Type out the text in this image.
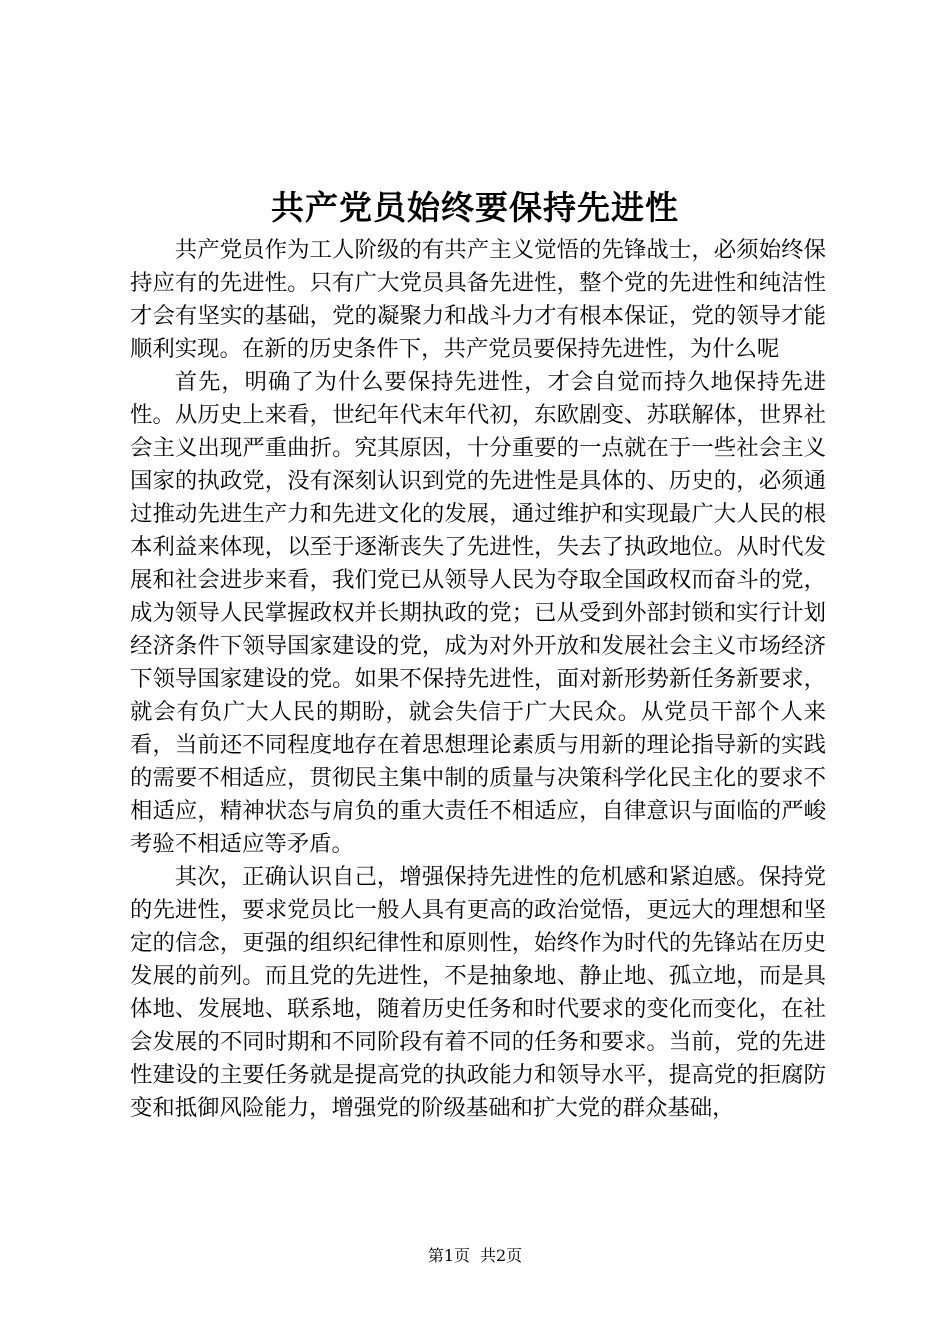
共产党员始终要保持先进性

共产党员作为工人阶级的有共产主义觉悟的先锋战士，必须始终保持应有的先进性。只有广大党员具备先进性，整个党的先进性和纯洁性才会有坚实的基础，党的凝聚力和战斗力才有根本保证，党的领导才能顺利实现。在新的历史条件下，共产党员要保持先进性，为什么呢

首先，明确了为什么要保持先进性，才会自觉而持久地保持先进性。从历史上来看，世纪年代末年代初，东欧剧变、苏联解体，世界社会主义出现严重曲折。究其原因，十分重要的一点就在于一些社会主义国家的执政党，没有深刻认识到党的先进性是具体的、历史的，必须通过推动先进生产力和先进文化的发展，通过维护和实现最广大人民的根本利益来体现，以至于逐渐丧失了先进性，失去了执政地位。从时代发展和社会进步来看，我们党已从领导人民为夺取全国政权而奋斗的党，成为领导人民掌握政权并长期执政的党；已从受到外部封锁和实行计划经济条件下领导国家建设的党，成为对外开放和发展社会主义市场经济下领导国家建设的党。如果不保持先进性，面对新形势新任务新要求，就会有负广大人民的期盼，就会失信于广大民众。从党员干部个人来看，当前还不同程度地存在着思想理论素质与用新的理论指导新的实践的需要不相适应，贯彻民主集中制的质量与决策科学化民主化的要求不相适应，精神状态与肩负的重大责任不相适应，自律意识与面临的严峻考验不相适应等矛盾。

其次，正确认识自己，增强保持先进性的危机感和紧迫感。保持党的先进性，要求党员比一般人具有更高的政治觉悟，更远大的理想和坚定的信念，更强的组织纪律性和原则性，始终作为时代的先锋站在历史发展的前列。而且党的先进性，不是抽象地、静止地、孤立地，而是具体地、发展地、联系地，随着历史任务和时代要求的变化而变化，在社会发展的不同时期和不同阶段有着不同的任务和要求。当前，党的先进性建设的主要任务就是提高党的执政能力和领导水平，提高党的拒腐防变和抵御风险能力，增强党的阶级基础和扩大党的群众基础，

第1页 共2页
